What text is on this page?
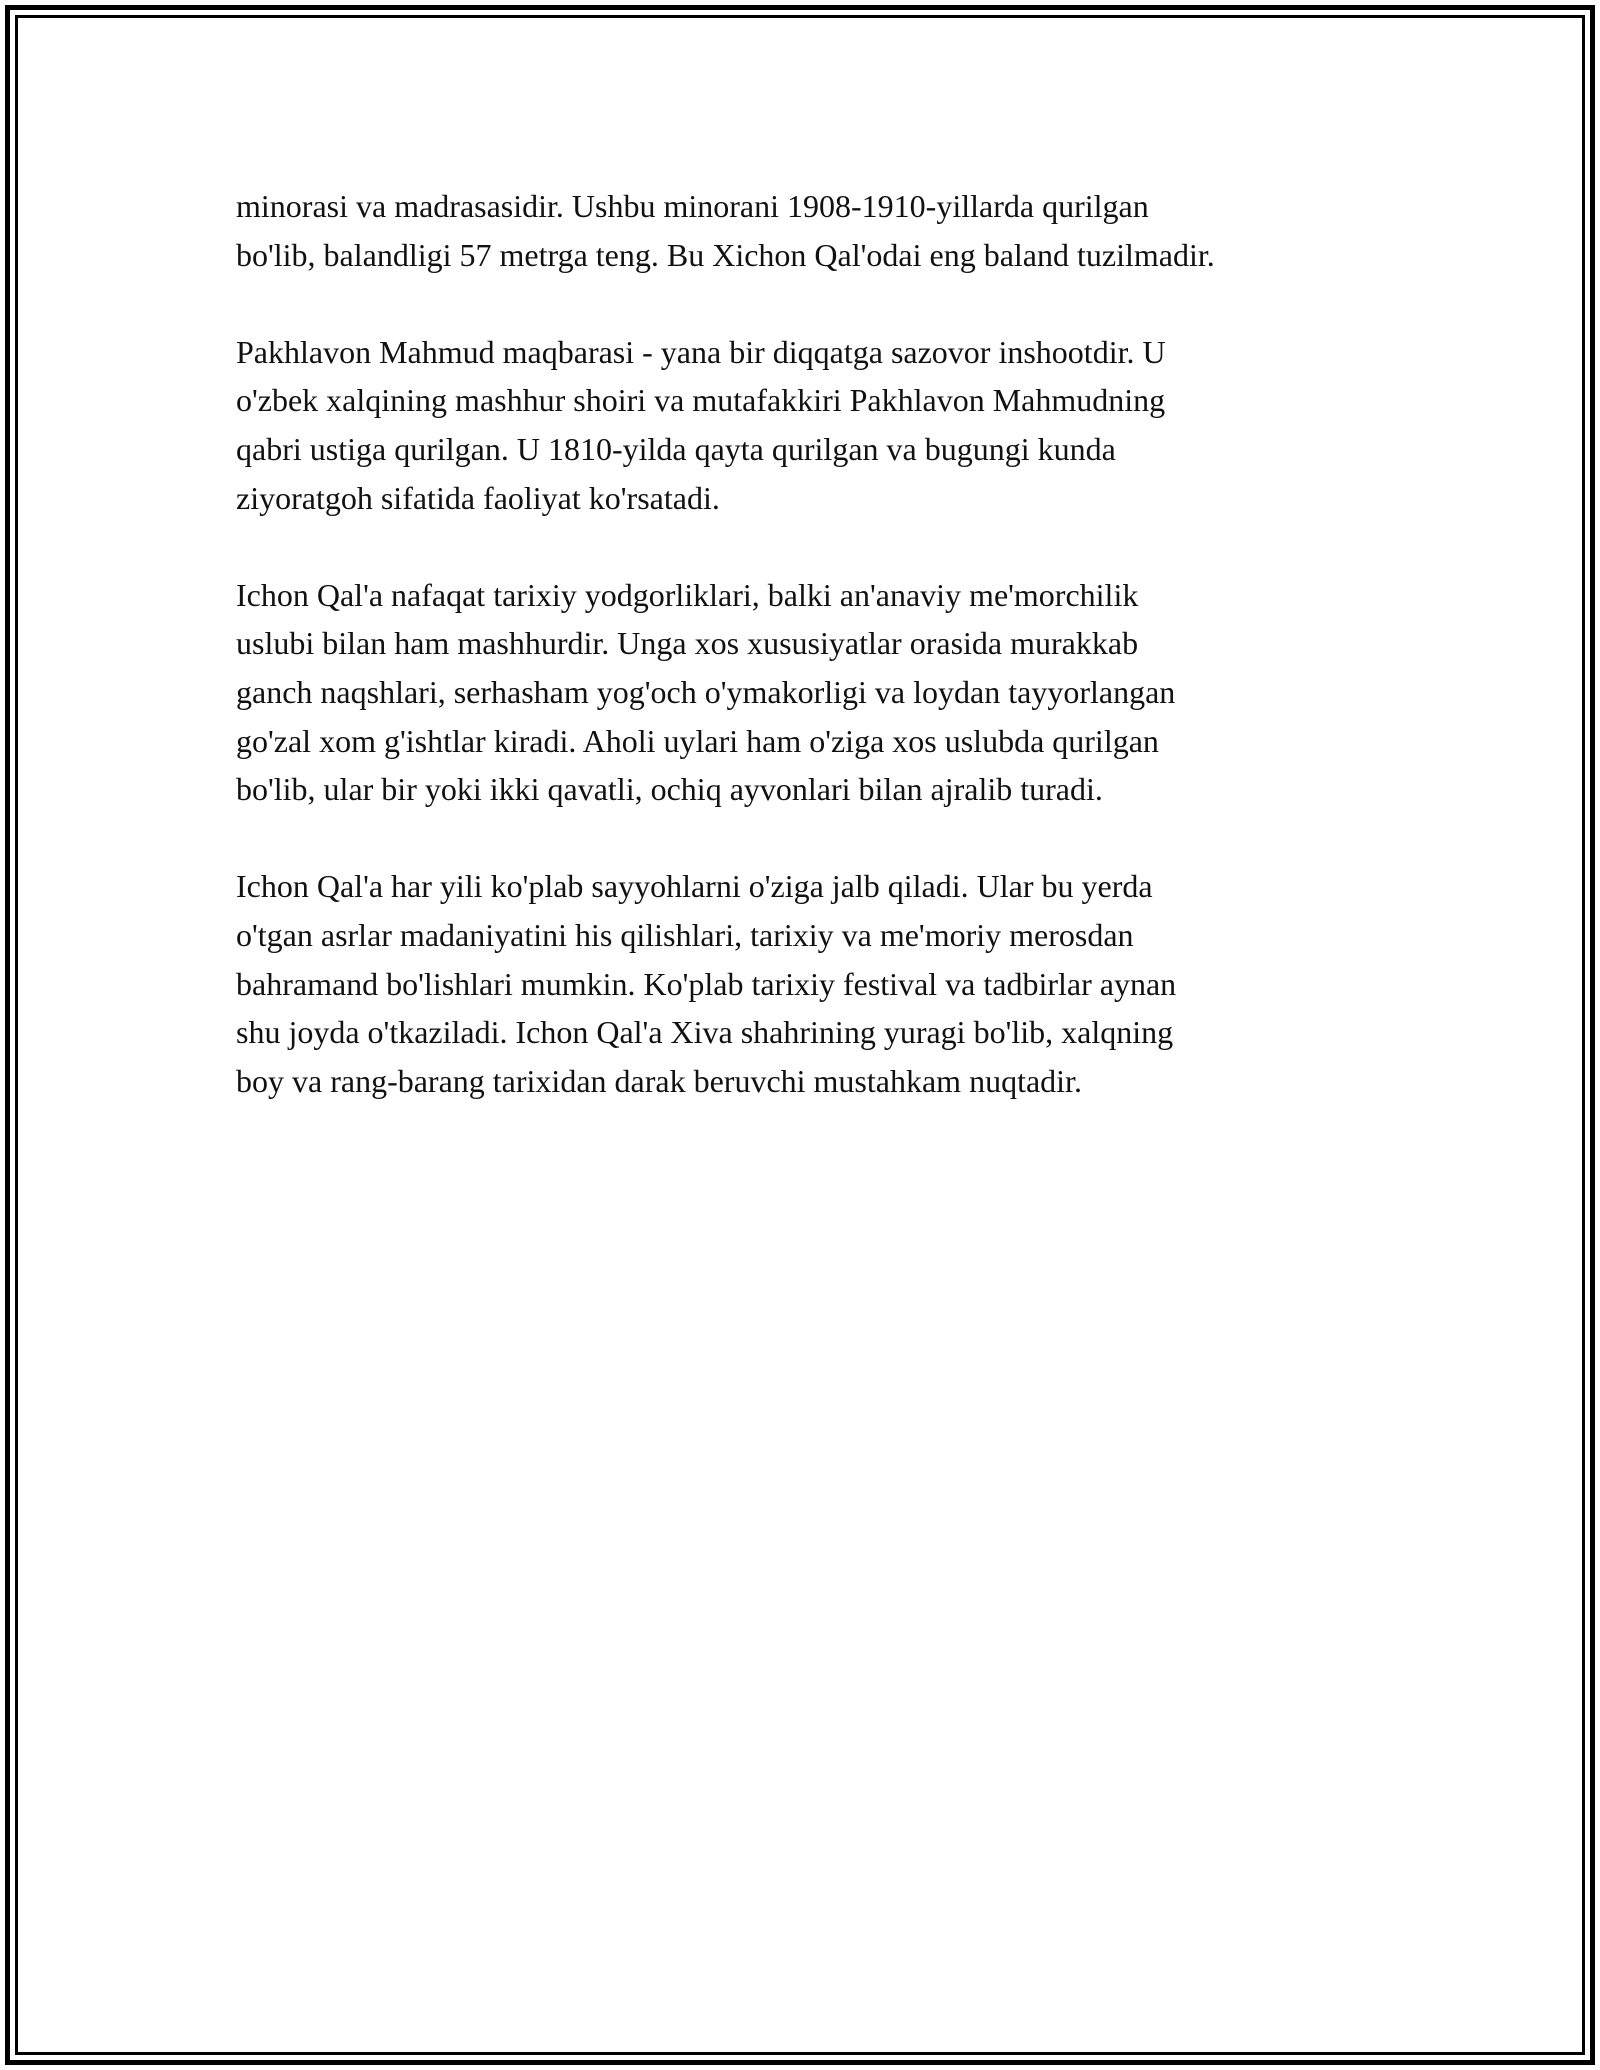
minorasi va madrasasidir. Ushbu minorani 1908-1910-yillarda qurilgan
bo'lib, balandligi 57 metrga teng. Bu Xichon Qal'odai eng baland tuzilmadir.

Pakhlavon Mahmud maqbarasi - yana bir diqqatga sazovor inshootdir. U
o'zbek xalqining mashhur shoiri va mutafakkiri Pakhlavon Mahmudning
qabri ustiga qurilgan. U 1810-yilda qayta qurilgan va bugungi kunda
ziyoratgoh sifatida faoliyat ko'rsatadi.

Ichon Qal'a nafaqat tarixiy yodgorliklari, balki an'anaviy me'morchilik
uslubi bilan ham mashhurdir. Unga xos xususiyatlar orasida murakkab
ganch naqshlari, serhasham yog'och o'ymakorligi va loydan tayyorlangan
go'zal xom g'ishtlar kiradi. Aholi uylari ham o'ziga xos uslubda qurilgan
bo'lib, ular bir yoki ikki qavatli, ochiq ayvonlari bilan ajralib turadi.

Ichon Qal'a har yili ko'plab sayyohlarni o'ziga jalb qiladi. Ular bu yerda
o'tgan asrlar madaniyatini his qilishlari, tarixiy va me'moriy merosdan
bahramand bo'lishlari mumkin. Ko'plab tarixiy festival va tadbirlar aynan
shu joyda o'tkaziladi. Ichon Qal'a Xiva shahrining yuragi bo'lib, xalqning
boy va rang-barang tarixidan darak beruvchi mustahkam nuqtadir.
